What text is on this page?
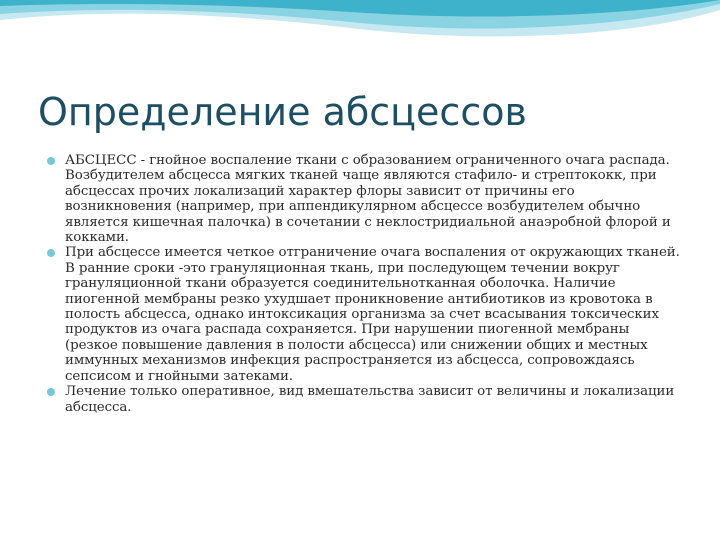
Определение абсцессов
АБСЦЕСС - гнойное воспаление ткани с образованием ограниченного очага распада. Возбудителем абсцесса мягких тканей чаще являются стафило- и стрептококк, при абсцессах прочих локализаций характер флоры зависит от причины его возникновения (например, при аппендикулярном абсцессе возбудителем обычно является кишечная палочка) в сочетании с неклостридиальной анаэробной флорой и кокками.
При абсцессе имеется четкое отграничение очага воспаления от окружающих тканей. В ранние сроки -это грануляционная ткань, при последующем течении вокруг грануляционной ткани образуется соединительнотканная оболочка. Наличие пиогенной мембраны резко ухудшает проникновение антибиотиков из кровотока в полость абсцесса, однако интоксикация организма за счет всасывания токсических продуктов из очага распада сохраняется. При нарушении пиогенной мембраны (резкое повышение давления в полости абсцесса) или снижении общих и местных иммунных механизмов инфекция распространяется из абсцесса, сопровождаясь сепсисом и гнойными затеками.
Лечение только оперативное, вид вмешательства зависит от величины и локализации абсцесса.
